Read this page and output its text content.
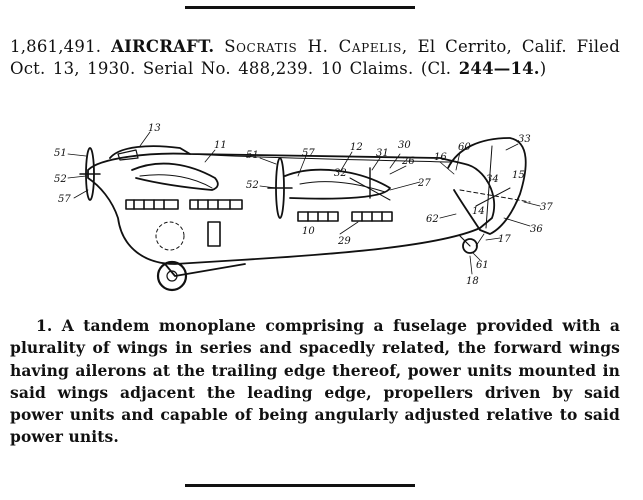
1,861,491. AIRCRAFT. Socratis H. Capelis, El Cerrito, Calif. Filed Oct. 13, 1930. Serial No. 488,239. 10 Claims. (Cl. 244—14.)
13
11
51
52
57
51
52
57
12
31
30
26
32
27
10
29
60
16
34
33
15
37
62
14
36
17
61
18

1. A tandem monoplane comprising a fuselage provided with a plurality of wings in series and spacedly related, the forward wings having ailerons at the trailing edge thereof, power units mounted in said wings adjacent the leading edge, propellers driven by said power units and capable of being angularly adjusted relative to said power units.
